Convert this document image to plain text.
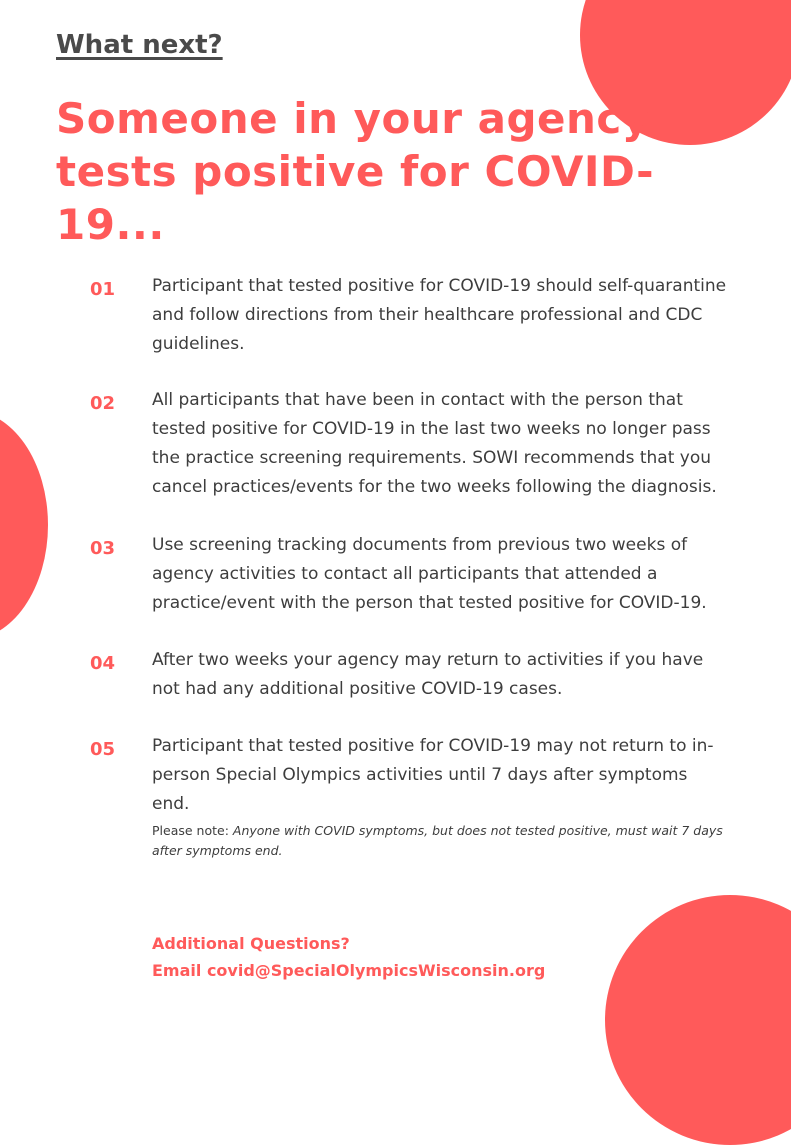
What next?
Someone in your agency tests positive for COVID-19...
01	Participant that tested positive for COVID-19 should self-quarantine and follow directions from their healthcare professional and CDC guidelines.
02	All participants that have been in contact with the person that tested positive for COVID-19 in the last two weeks no longer pass the practice screening requirements. SOWI recommends that you cancel practices/events for the two weeks following the diagnosis.
03	Use screening tracking documents from previous two weeks of agency activities to contact all participants that attended a practice/event with the person that tested positive for COVID-19.
04	After two weeks your agency may return to activities if you have not had any additional positive COVID-19 cases.
05	Participant that tested positive for COVID-19 may not return to in-person Special Olympics activities until 7 days after symptoms end.
Please note: Anyone with COVID symptoms, but does not tested positive, must wait 7 days after symptoms end.
Additional Questions?
Email covid@SpecialOlympicsWisconsin.org
